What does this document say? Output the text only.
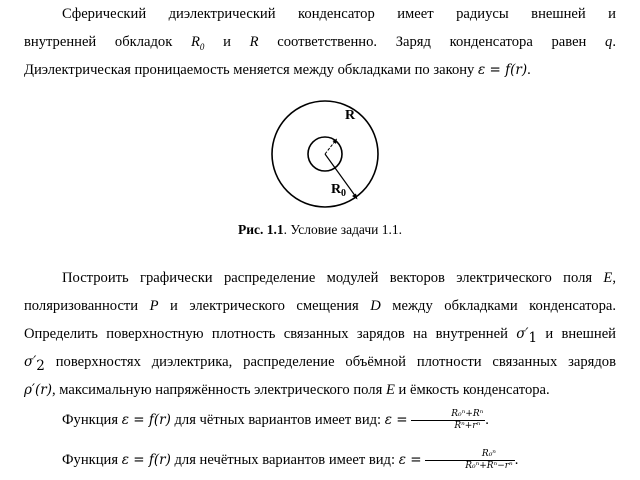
Сферический диэлектрический конденсатор имеет радиусы внешней и
внутренней обкладок $R_0$ и R соответственно. Заряд конденсатора равен q.
Диэлектрическая проницаемость меняется между обкладками по закону ε = f(r).
R
R 0
Рис. 1.1. Условие задачи 1.1.
Построить графически распределение модулей векторов электрического поля E,
поляризованности P и электрического смещения D между обкладками конденсатора.
Определить поверхностную плотность связанных зарядов на внутренней $\sigma'_1$ и внешней
$\sigma'_2$ поверхностях диэлектрика, распределение объёмной плотности связанных зарядов
ρ′(r), максимальную напряжённость электрического поля E и ёмкость конденсатора.
Функция ε = f(r) для чётных вариантов имеет вид: $\varepsilon = \frac{\text{R₀ⁿ+Rⁿ}}{\text{Rⁿ+rⁿ}}$ .
Функция ε = f(r) для нечётных вариантов имеет вид: $\varepsilon = \frac{\text{R₀ⁿ}}{\text{R₀ⁿ+Rⁿ−rⁿ}}$ .
